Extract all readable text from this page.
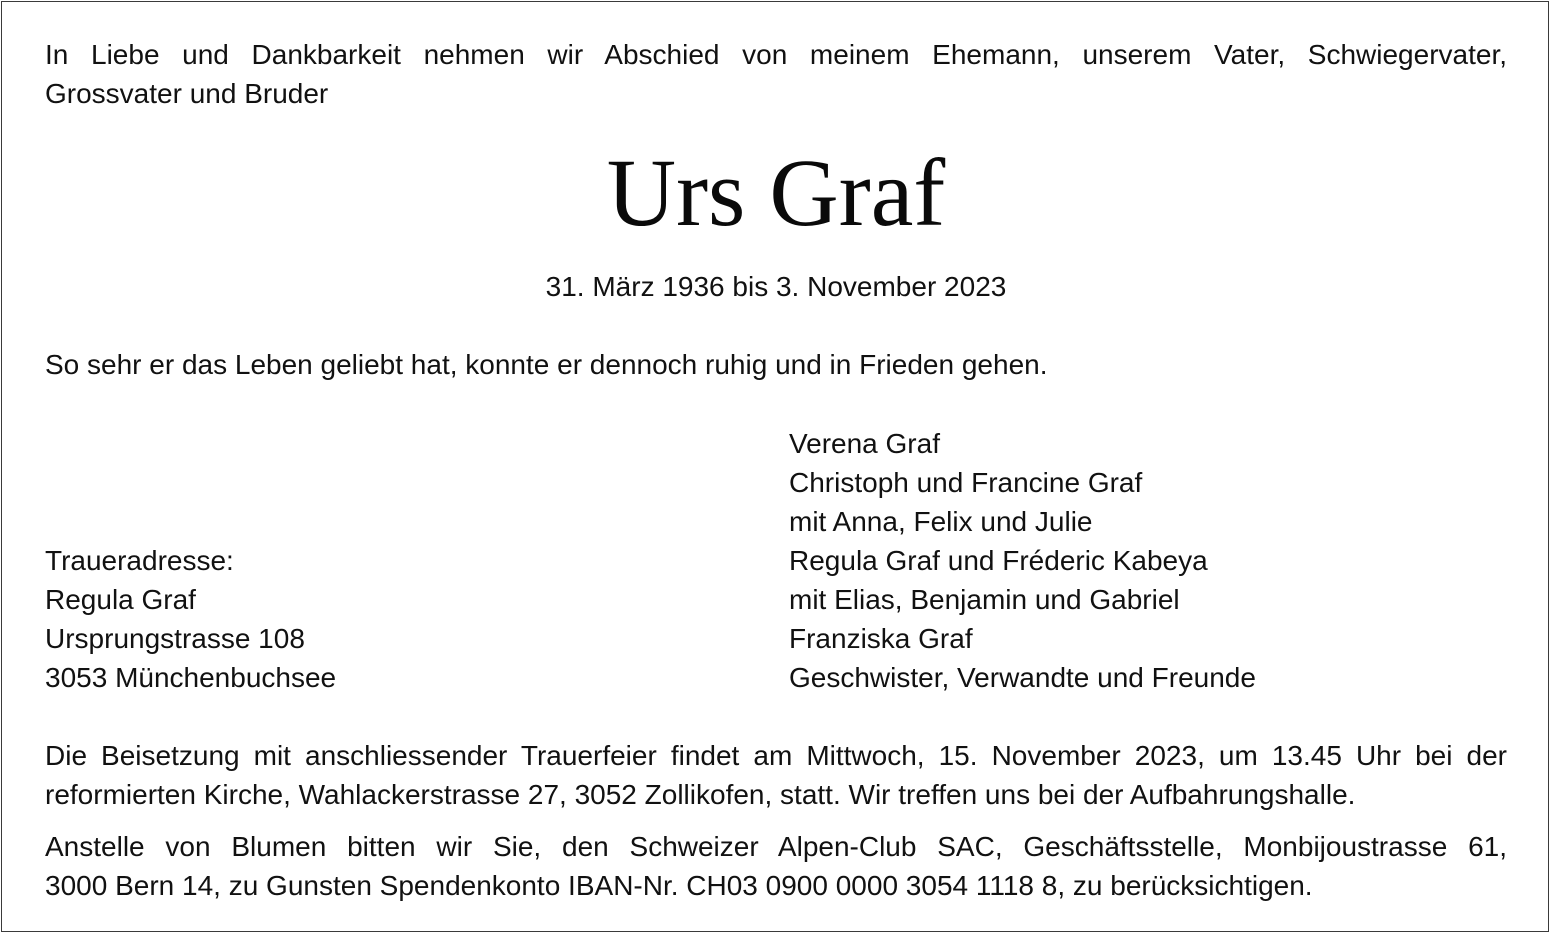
In Liebe und Dankbarkeit nehmen wir Abschied von meinem Ehemann, unserem Vater, Schwiegervater,
Grossvater und Bruder
Urs Graf
31. März 1936 bis 3. November 2023
So sehr er das Leben geliebt hat, konnte er dennoch ruhig und in Frieden gehen.
Verena Graf
Christoph und Francine Graf
mit Anna, Felix und Julie
Regula Graf und Fréderic Kabeya
mit Elias, Benjamin und Gabriel
Franziska Graf
Geschwister, Verwandte und Freunde
Traueradresse:
Regula Graf
Ursprungstrasse 108
3053 Münchenbuchsee
Die Beisetzung mit anschliessender Trauerfeier findet am Mittwoch, 15. November 2023, um 13.45 Uhr bei der
reformierten Kirche, Wahlackerstrasse 27, 3052 Zollikofen, statt. Wir treffen uns bei der Aufbahrungshalle.
Anstelle von Blumen bitten wir Sie, den Schweizer Alpen-Club SAC, Geschäftsstelle, Monbijoustrasse 61,
3000 Bern 14, zu Gunsten Spendenkonto IBAN-Nr. CH03 0900 0000 3054 1118 8, zu berücksichtigen.
